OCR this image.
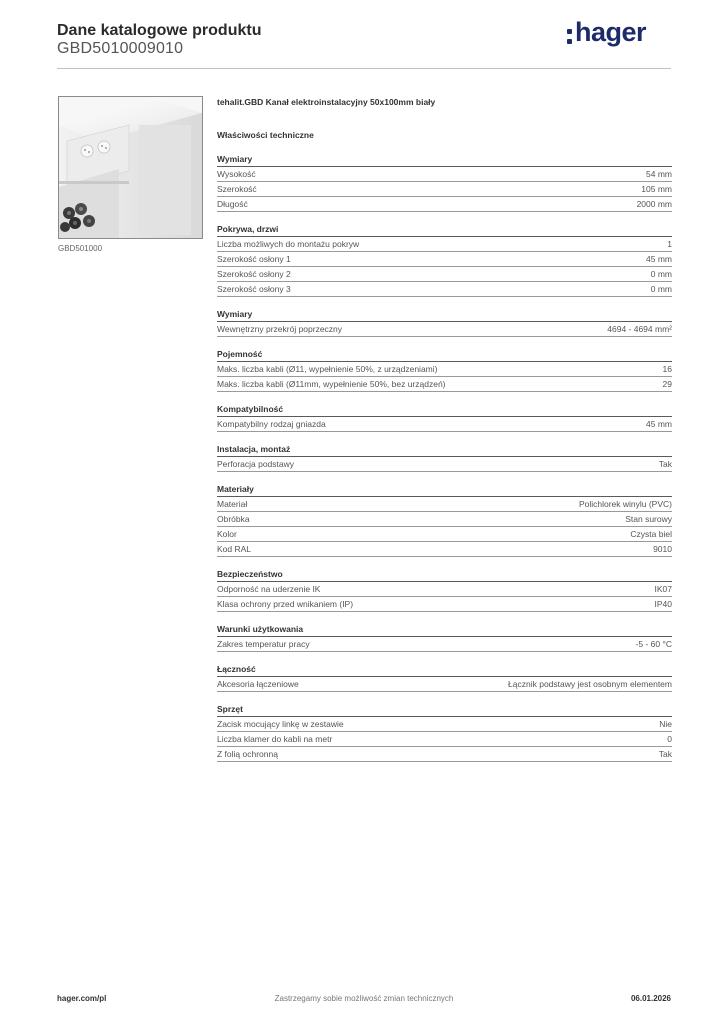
Dane katalogowe produktu
GBD5010009010
hager
GBD501000
tehalit.GBD Kanał elektroinstalacyjny 50x100mm biały
Właściwości techniczne
Wymiary
Wysokość	54 mm
Szerokość	105 mm
Długość	2000 mm
Pokrywa, drzwi
Liczba możliwych do montażu pokryw	1
Szerokość osłony 1	45 mm
Szerokość osłony 2	0 mm
Szerokość osłony 3	0 mm
Wymiary
Wewnętrzny przekrój poprzeczny	4694 - 4694 mm²
Pojemność
Maks. liczba kabli (Ø11, wypełnienie 50%, z urządzeniami)	16
Maks. liczba kabli (Ø11mm, wypełnienie 50%, bez urządzeń)	29
Kompatybilność
Kompatybilny rodzaj gniazda	45 mm
Instalacja, montaż
Perforacja podstawy	Tak
Materiały
Materiał	Polichlorek winylu (PVC)
Obróbka	Stan surowy
Kolor	Czysta biel
Kod RAL	9010
Bezpieczeństwo
Odporność na uderzenie IK	IK07
Klasa ochrony przed wnikaniem (IP)	IP40
Warunki użytkowania
Zakres temperatur pracy	-5 - 60 °C
Łączność
Akcesoria łączeniowe	Łącznik podstawy jest osobnym elementem
Sprzęt
Zacisk mocujący linkę w zestawie	Nie
Liczba klamer do kabli na metr	0
Z folią ochronną	Tak
hager.com/pl	Zastrzegamy sobie możliwość zmian technicznych	06.01.2026
